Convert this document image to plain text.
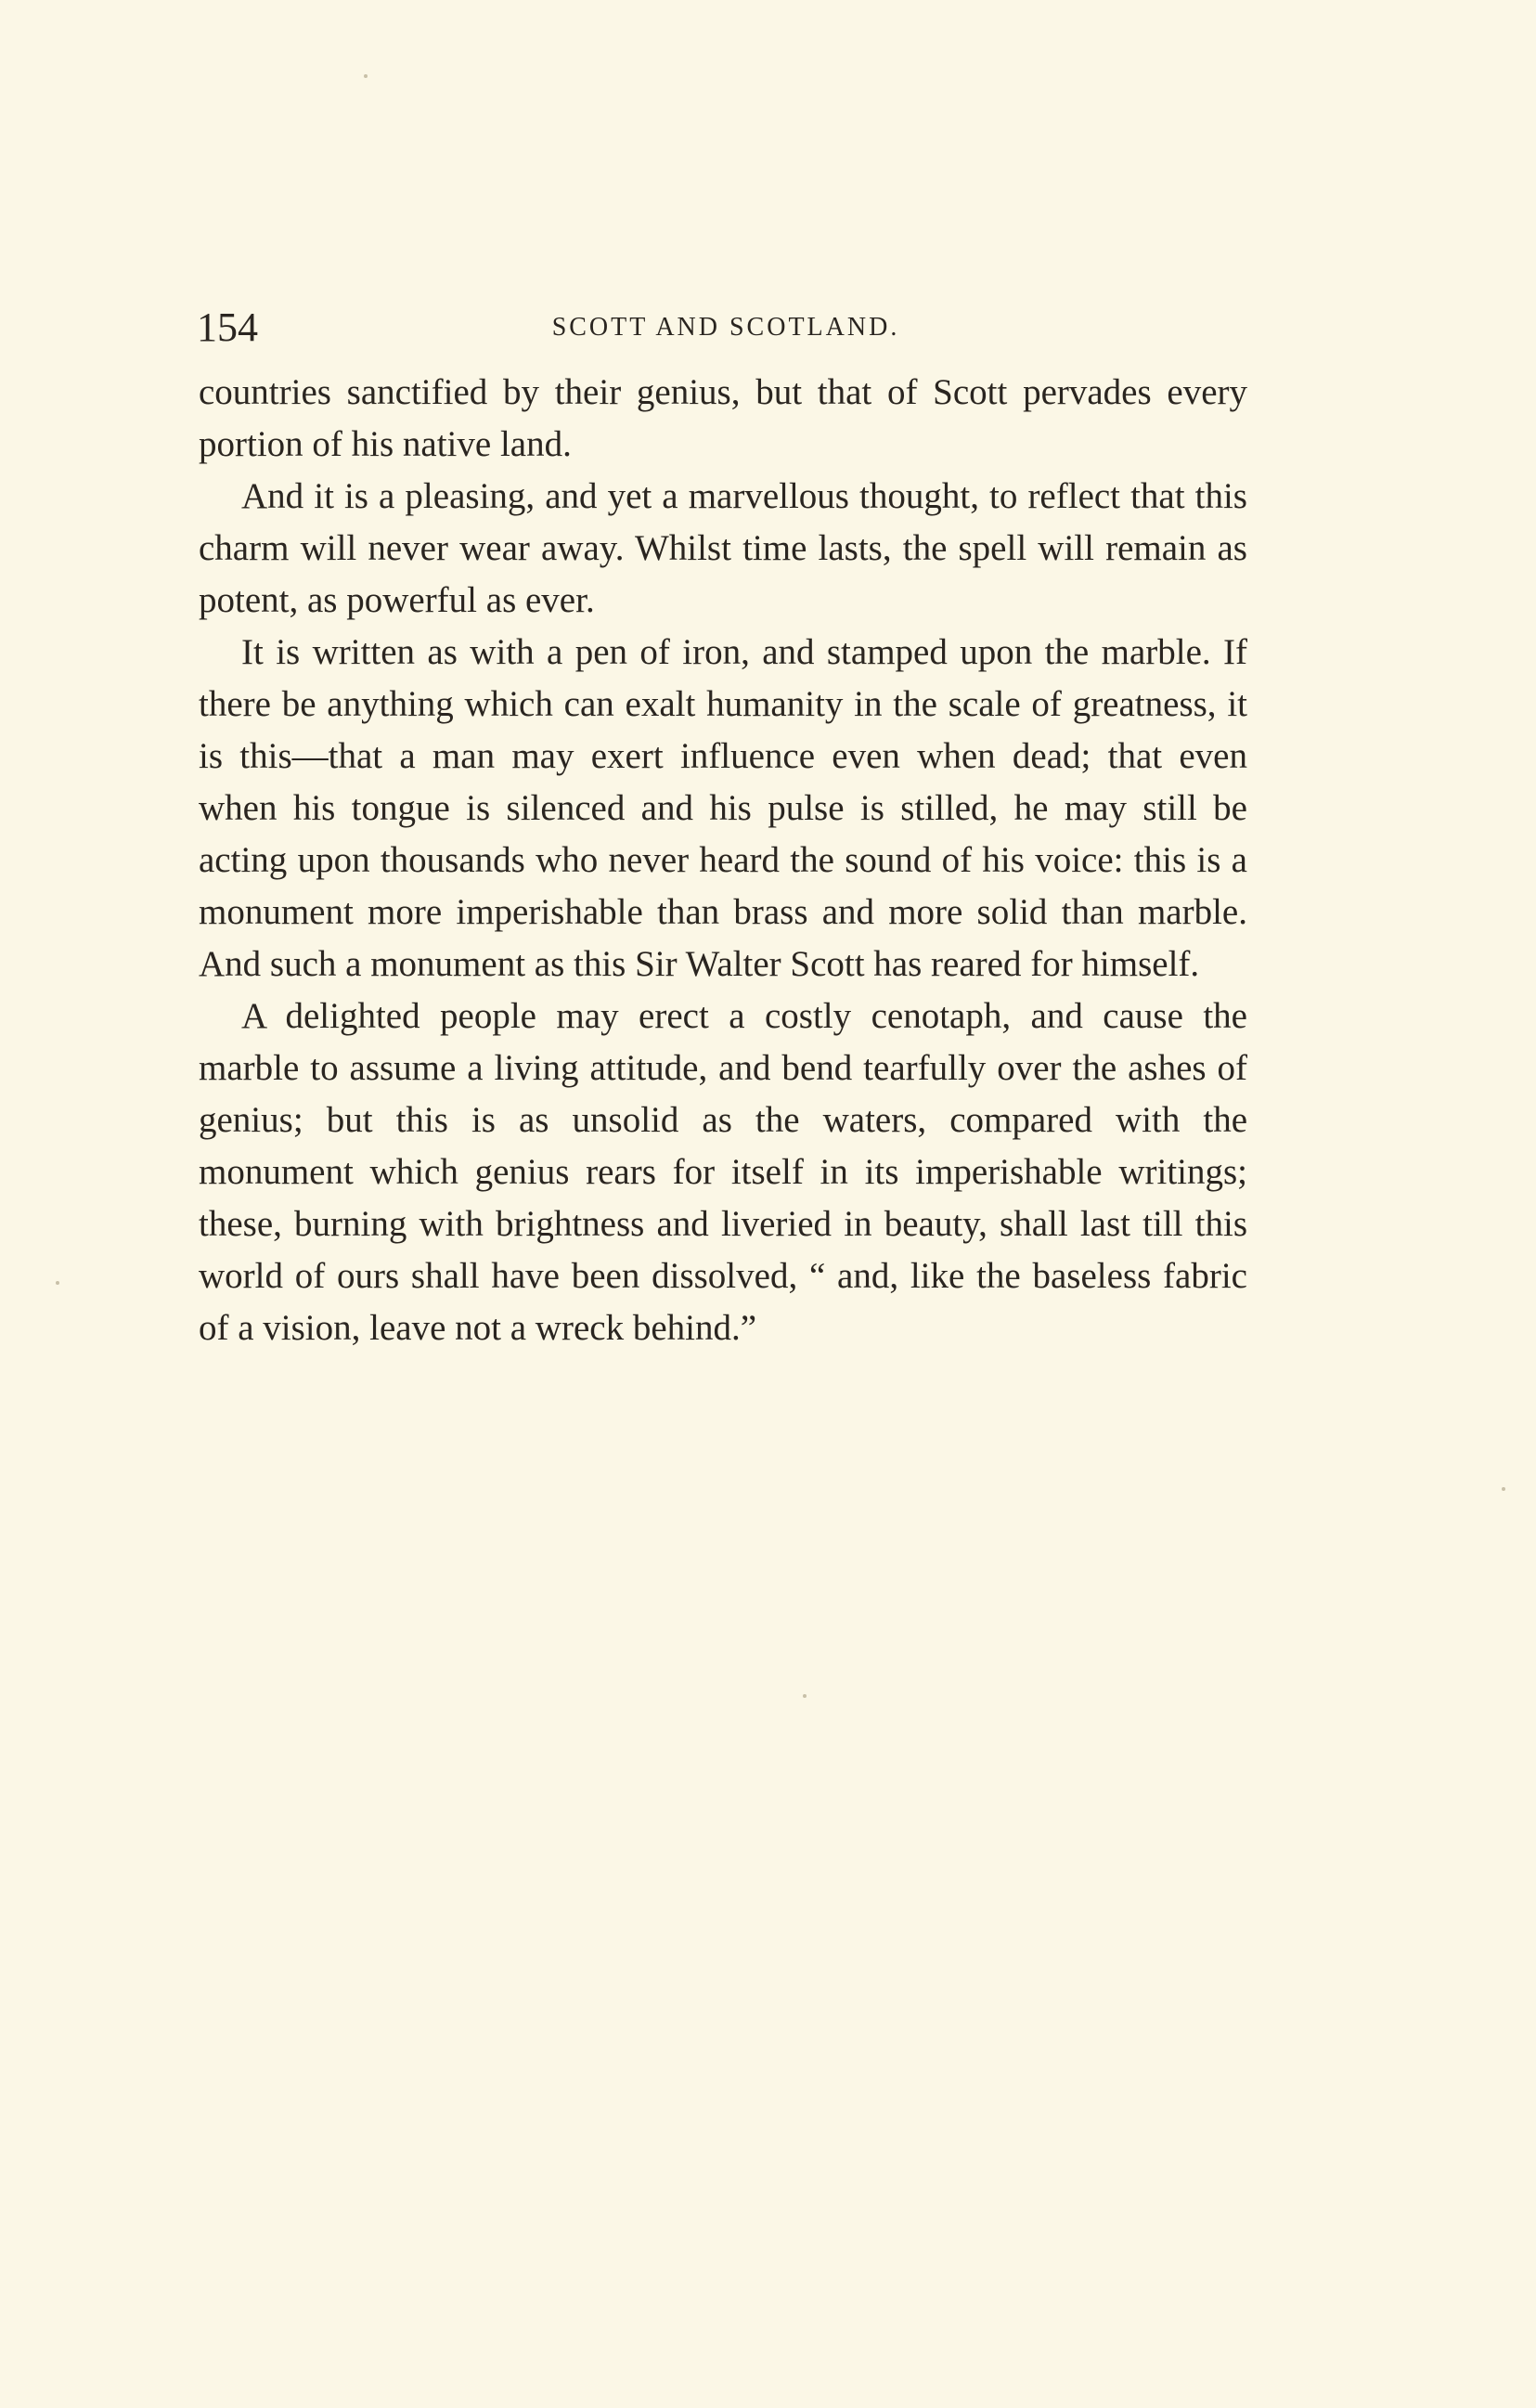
154	SCOTT AND SCOTLAND.

countries sanctified by their genius, but that of Scott pervades every portion of his native land.

And it is a pleasing, and yet a marvellous thought, to reflect that this charm will never wear away. Whilst time lasts, the spell will remain as potent, as powerful as ever.

It is written as with a pen of iron, and stamped upon the marble. If there be anything which can exalt humanity in the scale of greatness, it is this—that a man may exert influence even when dead; that even when his tongue is silenced and his pulse is stilled, he may still be acting upon thousands who never heard the sound of his voice: this is a monument more imperishable than brass and more solid than marble. And such a monument as this Sir Walter Scott has reared for himself.

A delighted people may erect a costly cenotaph, and cause the marble to assume a living attitude, and bend tearfully over the ashes of genius; but this is as unsolid as the waters, compared with the monument which genius rears for itself in its imperishable writings; these, burning with brightness and liveried in beauty, shall last till this world of ours shall have been dissolved, “ and, like the baseless fabric of a vision, leave not a wreck behind.”
